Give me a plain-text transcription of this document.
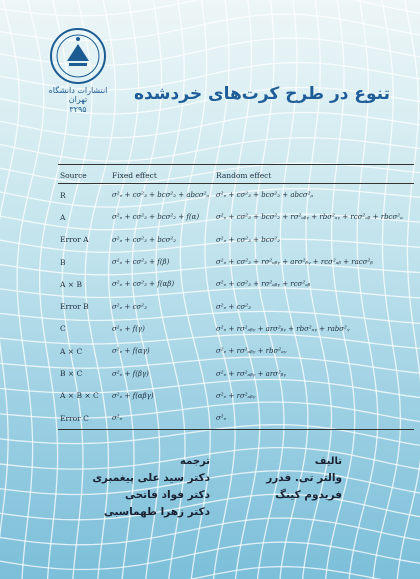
انتشارات دانشگاه تهران
۳۲۹۵
تنوع در طرح کرت‌های خرد‌شده
Source	Fixed effect	Random effect
R	σ²ₑ + cσ²₃ + bcσ²₂ + abcσ²ᵨ	σ²ₑ + cσ²₃ + bcσ²₂ + abcσ²ᵨ
A	σ²ₑ + cσ²₃ + bcσ²₂ + f(α)	σ²ₑ + cσ²₃ + bcσ²₂ + rσ²ₐᵦᵧ + rbσ²ₐᵧ + rcσ²ₐᵦ + rbcσ²ₐ
Error A	σ²ₑ + cσ²₃ + bcσ²₂	σ²ₑ + cσ²₃ + bcσ²₂
B	σ²ₑ + cσ²₃ + f(β)	σ²ₑ + cσ²₃ + rσ²ₐᵦᵧ + arσ²ᵦᵧ + rcσ²ₐᵦ + racσ²ᵦ
A × B	σ²ₑ + cσ²₃ + f(αβ)	σ²ₑ + cσ²₃ + rσ²ₐᵦᵧ + rcσ²ₐᵦ
Error B	σ²ₑ + cσ²₃	σ²ₑ + cσ²₃
C	σ²ₑ + f(γ)	σ²ₑ + rσ²ₐᵦᵧ + arσ²ᵦᵧ + rbσ²ₐᵧ + rabσ²ᵧ
A × C	σ²ₑ + f(αγ)	σ²ₑ + rσ²ₐᵦᵧ + rbσ²ₐᵧ
B × C	σ²ₑ + f(βγ)	σ²ₑ + rσ²ₐᵦᵧ + arσ²ᵦᵧ
A × B × C	σ²ₑ + f(αβγ)	σ²ₑ + rσ²ₐᵦᵧ
Error C	σ²ₑ	σ²ₑ
تالیف
والتر تی. فدرر
فریدوم کینگ
ترجمه
دکتر سید علی پیغمبری
دکتر فواد فاتحی
دکتر زهرا طهماسبی
